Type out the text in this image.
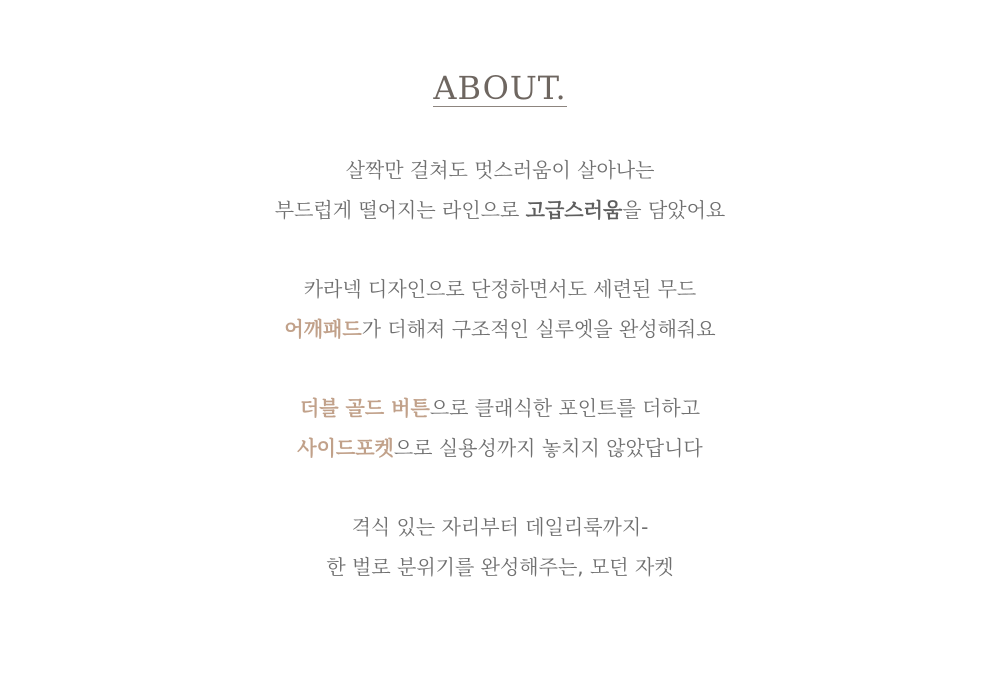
ABOUT.
살짝만 걸쳐도 멋스러움이 살아나는
부드럽게 떨어지는 라인으로 고급스러움을 담았어요
카라넥 디자인으로 단정하면서도 세련된 무드
어깨패드가 더해져 구조적인 실루엣을 완성해줘요
더블 골드 버튼으로 클래식한 포인트를 더하고
사이드포켓으로 실용성까지 놓치지 않았답니다
격식 있는 자리부터 데일리룩까지-
한 벌로 분위기를 완성해주는, 모던 자켓
